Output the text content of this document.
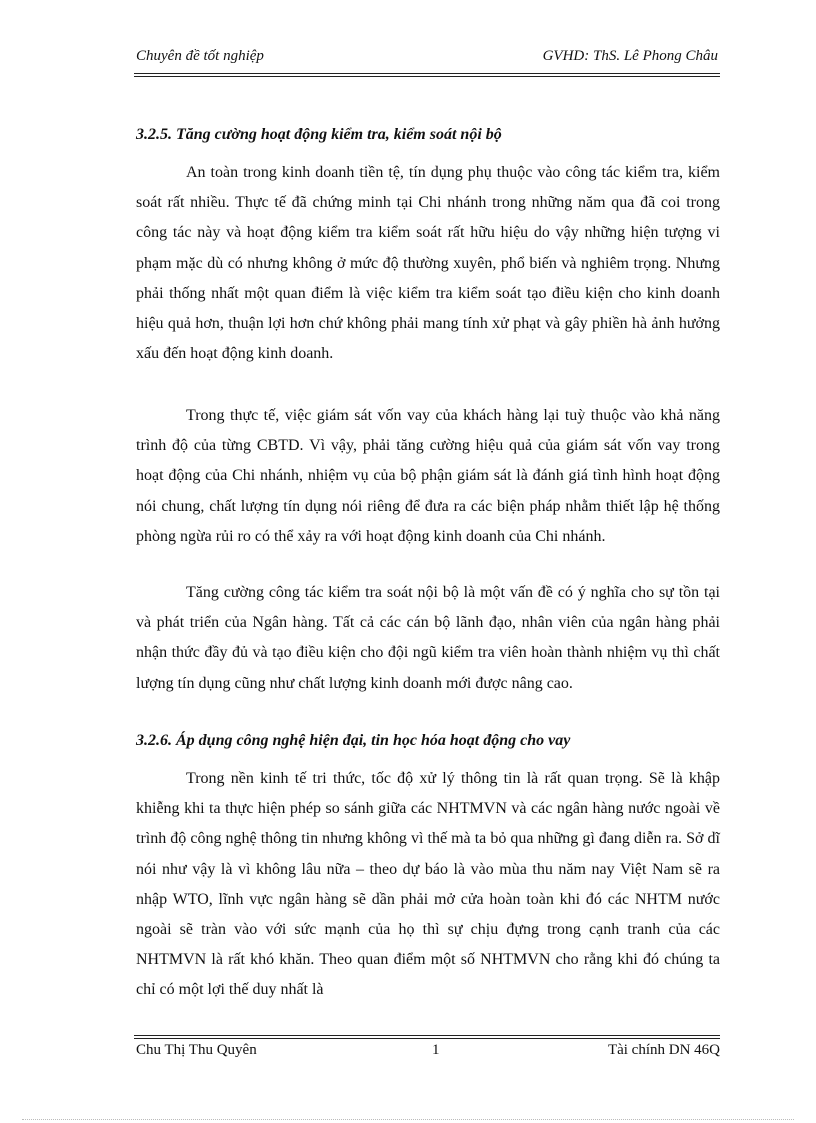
Chuyên đề tốt nghiệp	GVHD: ThS. Lê Phong Châu
3.2.5. Tăng cường hoạt động kiểm tra, kiểm soát nội bộ

An toàn trong kinh doanh tiền tệ, tín dụng phụ thuộc vào công tác kiểm tra, kiểm soát rất nhiều. Thực tế đã chứng minh tại Chi nhánh trong những năm qua đã coi trong công tác này và hoạt động kiểm tra kiểm soát rất hữu hiệu do vậy những hiện tượng vi phạm mặc dù có nhưng không ở mức độ thường xuyên, phổ biến và nghiêm trọng. Nhưng phải thống nhất một quan điểm là việc kiểm tra kiểm soát tạo điều kiện cho kinh doanh hiệu quả hơn, thuận lợi hơn chứ không phải mang tính xử phạt và gây phiền hà ảnh hưởng xấu đến hoạt động kinh doanh.

Trong thực tế, việc giám sát vốn vay của khách hàng lại tuỳ thuộc vào khả năng trình độ của từng CBTD. Vì vậy, phải tăng cường hiệu quả của giám sát vốn vay trong hoạt động của Chi nhánh, nhiệm vụ của bộ phận giám sát là đánh giá tình hình hoạt động nói chung, chất lượng tín dụng nói riêng để đưa ra các biện pháp nhằm thiết lập hệ thống phòng ngừa rủi ro có thể xảy ra với hoạt động kinh doanh của Chi nhánh.

Tăng cường công tác kiểm tra soát nội bộ là một vấn đề có ý nghĩa cho sự tồn tại và phát triển của Ngân hàng. Tất cả các cán bộ lãnh đạo, nhân viên của ngân hàng phải nhận thức đầy đủ và tạo điều kiện cho đội ngũ kiểm tra viên hoàn thành nhiệm vụ thì chất lượng tín dụng cũng như chất lượng kinh doanh mới được nâng cao.

3.2.6. Áp dụng công nghệ hiện đại, tin học hóa hoạt động cho vay

Trong nền kinh tế tri thức, tốc độ xử lý thông tin là rất quan trọng. Sẽ là khập khiễng khi ta thực hiện phép so sánh giữa các NHTMVN và các ngân hàng nước ngoài về trình độ công nghệ thông tin nhưng không vì thế mà ta bỏ qua những gì đang diễn ra. Sở dĩ nói như vậy là vì không lâu nữa – theo dự báo là vào mùa thu năm nay Việt Nam sẽ ra nhập WTO, lĩnh vực ngân hàng sẽ dần phải mở cửa hoàn toàn khi đó các NHTM nước ngoài sẽ tràn vào với sức mạnh của họ thì sự chịu đựng trong cạnh tranh của các NHTMVN là rất khó khăn. Theo quan điểm một số NHTMVN cho rằng khi đó chúng ta chỉ có một lợi thế duy nhất là

Chu Thị Thu Quyên	1	Tài chính DN 46Q
